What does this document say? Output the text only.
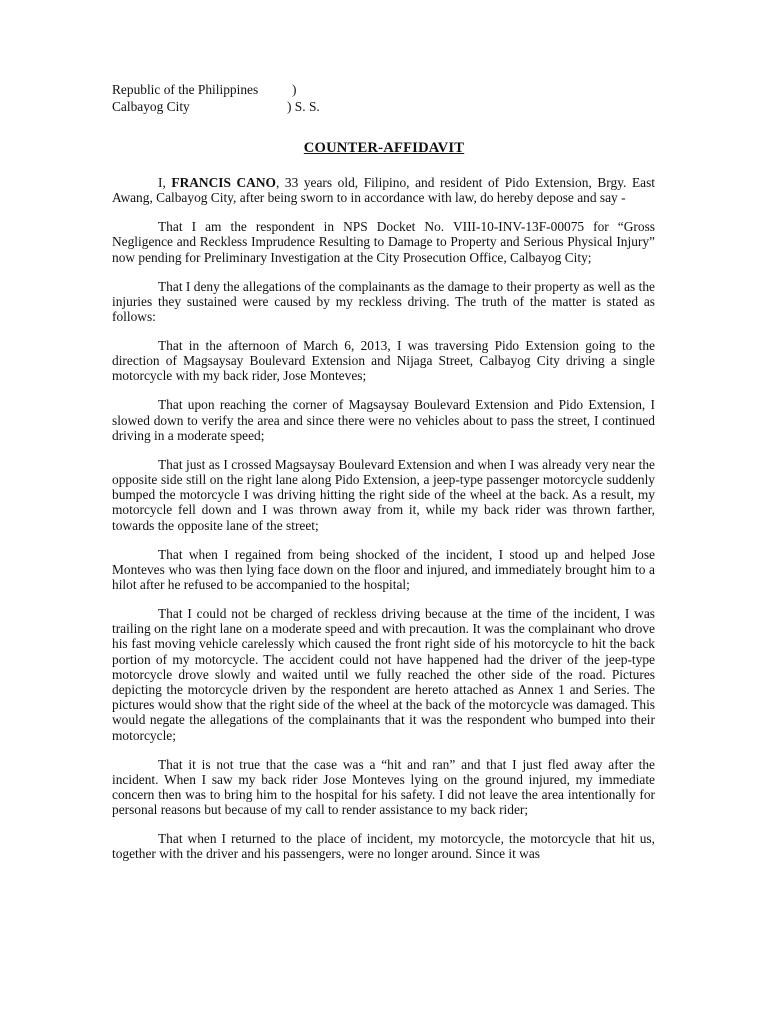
Republic of the Philippines	)
Calbayog City	) S. S.
COUNTER-AFFIDAVIT

I, FRANCIS CANO, 33 years old, Filipino, and resident of Pido Extension, Brgy. East Awang, Calbayog City, after being sworn to in accordance with law, do hereby depose and say -

That I am the respondent in NPS Docket No. VIII-10-INV-13F-00075 for “Gross Negligence and Reckless Imprudence Resulting to Damage to Property and Serious Physical Injury” now pending for Preliminary Investigation at the City Prosecution Office, Calbayog City;

That I deny the allegations of the complainants as the damage to their property as well as the injuries they sustained were caused by my reckless driving. The truth of the matter is stated as follows:

That in the afternoon of March 6, 2013, I was traversing Pido Extension going to the direction of Magsaysay Boulevard Extension and Nijaga Street, Calbayog City driving a single motorcycle with my back rider, Jose Monteves;

That upon reaching the corner of Magsaysay Boulevard Extension and Pido Extension, I slowed down to verify the area and since there were no vehicles about to pass the street, I continued driving in a moderate speed;

That just as I crossed Magsaysay Boulevard Extension and when I was already very near the opposite side still on the right lane along Pido Extension, a jeep-type passenger motorcycle suddenly bumped the motorcycle I was driving hitting the right side of the wheel at the back. As a result, my motorcycle fell down and I was thrown away from it, while my back rider was thrown farther, towards the opposite lane of the street;

That when I regained from being shocked of the incident, I stood up and helped Jose Monteves who was then lying face down on the floor and injured, and immediately brought him to a hilot after he refused to be accompanied to the hospital;

That I could not be charged of reckless driving because at the time of the incident, I was trailing on the right lane on a moderate speed and with precaution. It was the complainant who drove his fast moving vehicle carelessly which caused the front right side of his motorcycle to hit the back portion of my motorcycle. The accident could not have happened had the driver of the jeep-type motorcycle drove slowly and waited until we fully reached the other side of the road. Pictures depicting the motorcycle driven by the respondent are hereto attached as Annex 1 and Series. The pictures would show that the right side of the wheel at the back of the motorcycle was damaged. This would negate the allegations of the complainants that it was the respondent who bumped into their motorcycle;

That it is not true that the case was a “hit and ran” and that I just fled away after the incident. When I saw my back rider Jose Monteves lying on the ground injured, my immediate concern then was to bring him to the hospital for his safety. I did not leave the area intentionally for personal reasons but because of my call to render assistance to my back rider;

That when I returned to the place of incident, my motorcycle, the motorcycle that hit us, together with the driver and his passengers, were no longer around. Since it was
